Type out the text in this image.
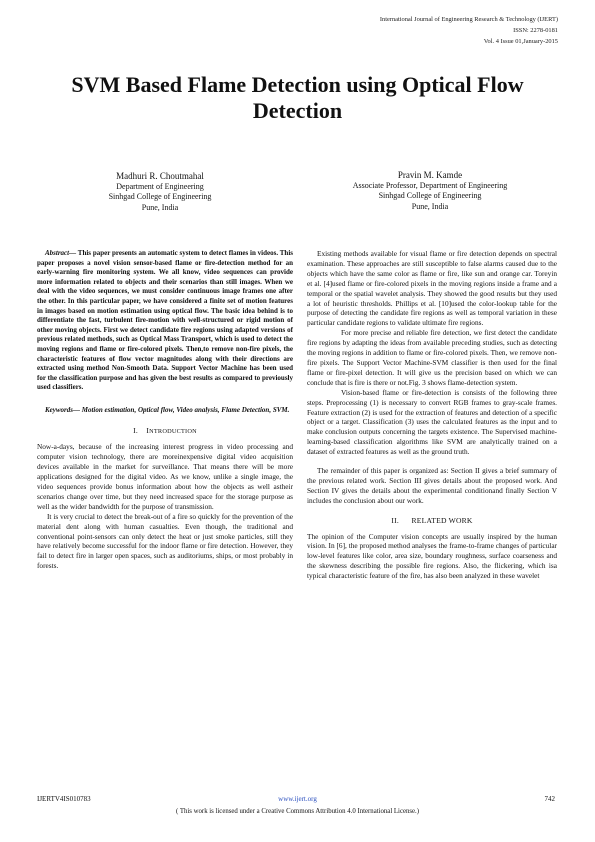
International Journal of Engineering Research & Technology (IJERT)
ISSN: 2278-0181
Vol. 4 Issue 01,January-2015
SVM Based Flame Detection using Optical Flow Detection
Madhuri R. Choutmahal
Department of Engineering
Sinhgad College of Engineering
Pune, India
Pravin M. Kamde
Associate Professor, Department of Engineering
Sinhgad College of Engineering
Pune, India

Abstract— This paper presents an automatic system to detect flames in videos. This paper proposes a novel vision sensor-based flame or fire-detection method for an early-warning fire monitoring system. We all know, video sequences can provide more information related to objects and their scenarios than still images. When we deal with the video sequences, we must consider continuous image frames one after the other. In this particular paper, we have considered a finite set of motion features in images based on motion estimation using optical flow. The basic idea behind is to differentiate the fast, turbulent fire-motion with well-structured or rigid motion of other moving objects. First we detect candidate fire regions using adapted versions of previous related methods, such as Optical Mass Transport, which is used to detect the moving regions and flame or fire-colored pixels. Then,to remove non-fire pixels, the characteristic features of flow vector magnitudes along with their directions are extracted using method Non-Smooth Data. Support Vector Machine has been used for the classification purpose and has given the best results as compared to previously used classifiers.

Keywords— Motion estimation, Optical flow, Video analysis, Flame Detection, SVM.

I. INTRODUCTION

Now-a-days, because of the increasing interest progress in video processing and computer vision technology, there are moreinexpensive digital video acquisition devices available in the market for surveillance. That means there will be more applications designed for the digital video. As we know, unlike a single image, the video sequences provide bonus information about how the objects as well astheir scenarios change over time, but they need increased space for the storage purpose as well as the wider bandwidth for the purpose of transmission.

It is very crucial to detect the break-out of a fire so quickly for the prevention of the material dent along with human casualties. Even though, the traditional and conventional point-sensors can only detect the heat or just smoke particles, still they have relatively become successful for the indoor flame or fire detection. However, they fail to detect fire in larger open spaces, such as auditoriums, ships, or most probably in forests.

Existing methods available for visual flame or fire detection depends on spectral examination. These approaches are still susceptible to false alarms caused due to the objects which have the same color as flame or fire, like sun and orange car. Toreyin et al. [4]used flame or fire-colored pixels in the moving regions inside a frame and a temporal or the spatial wavelet analysis. They showed the good results but they used a lot of heuristic thresholds. Phillips et al. [10]used the color-lookup table for the purpose of detecting the candidate fire regions as well as temporal variation in these particular candidate regions to validate ultimate fire regions.

For more precise and reliable fire detection, we first detect the candidate fire regions by adapting the ideas from available preceding studies, such as detecting the moving regions in addition to flame or fire-colored pixels. Then, we remove non-fire pixels. The Support Vector Machine-SVM classifier is then used for the final flame or fire-pixel detection. It will give us the precision based on which we can conclude that is fire is there or not.Fig. 3 shows flame-detection system.

Vision-based flame or fire-detection is consists of the following three steps. Preprocessing (1) is necessary to convert RGB frames to gray-scale frames. Feature extraction (2) is used for the extraction of features and detection of a specific object or a target. Classification (3) uses the calculated features as the input and to make conclusion outputs concerning the targets existence. The Supervised machine-learning-based classification algorithms like SVM are analytically trained on a dataset of extracted features as well as the ground truth.

The remainder of this paper is organized as: Section II gives a brief summary of the previous related work. Section III gives details about the proposed work. And Section IV gives the details about the experimental conditionand finally Section V includes the conclusion about our work.

II.      RELATED WORK

The opinion of the Computer vision concepts are usually inspired by the human vision. In [6], the proposed method analyses the frame-to-frame changes of particular low-level features like color, area size, boundary roughness, surface coarseness and the skewness describing the possible fire regions. Also, the flickering, which isa typical characteristic feature of the fire, has also been analyzed in these wavelet

IJERTV4IS010783	www.ijert.org	742
( This work is licensed under a Creative Commons Attribution 4.0 International License.)
